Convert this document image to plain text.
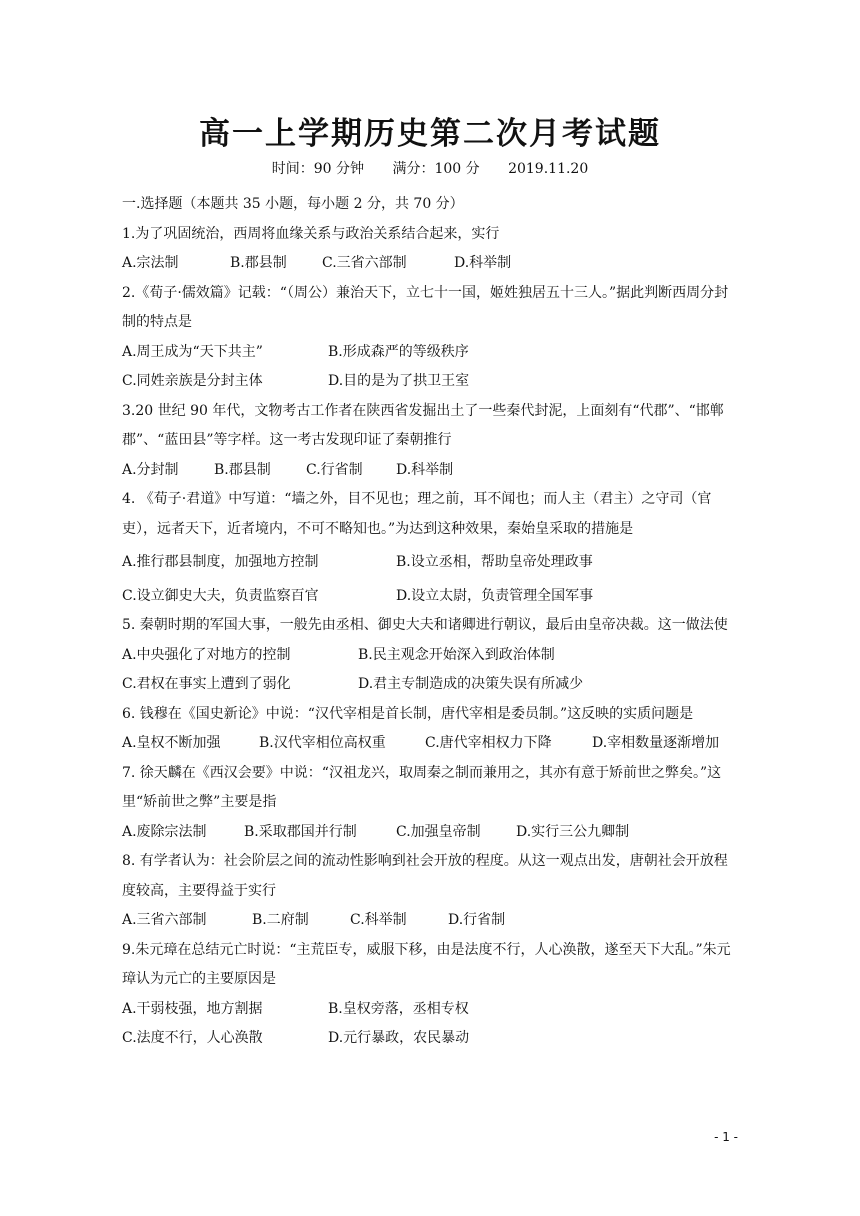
高一上学期历史第二次月考试题
时间：90 分钟 满分：100 分 2019.11.20
一.选择题（本题共 35 小题，每小题 2 分，共 70 分）
1.为了巩固统治，西周将血缘关系与政治关系结合起来，实行
A.宗法制	B.郡县制	C.三省六部制	D.科举制
2.《荀子·儒效篇》记载：“（周公）兼治天下，立七十一国，姬姓独居五十三人。”据此判断西周分封制的特点是
A.周王成为“天下共主”	B.形成森严的等级秩序
C.同姓亲族是分封主体	D.目的是为了拱卫王室
3.20 世纪 90 年代，文物考古工作者在陕西省发掘出土了一些秦代封泥，上面刻有“代郡”、“邯郸郡”、“蓝田县”等字样。这一考古发现印证了秦朝推行
A.分封制	B.郡县制	C.行省制	D.科举制
4. 《荀子·君道》中写道：“墙之外，目不见也；理之前，耳不闻也；而人主（君主）之守司（官吏），远者天下，近者境内，不可不略知也。”为达到这种效果，秦始皇采取的措施是
A.推行郡县制度，加强地方控制	B.设立丞相，帮助皇帝处理政事
C.设立御史大夫，负责监察百官	D.设立太尉，负责管理全国军事
5. 秦朝时期的军国大事，一般先由丞相、御史大夫和诸卿进行朝议，最后由皇帝决裁。这一做法使
A.中央强化了对地方的控制	B.民主观念开始深入到政治体制
C.君权在事实上遭到了弱化	D.君主专制造成的决策失误有所减少
6. 钱穆在《国史新论》中说：“汉代宰相是首长制，唐代宰相是委员制。”这反映的实质问题是
A.皇权不断加强	B.汉代宰相位高权重	C.唐代宰相权力下降	D.宰相数量逐渐增加
7. 徐天麟在《西汉会要》中说：“汉祖龙兴，取周秦之制而兼用之，其亦有意于矫前世之弊矣。”这里“矫前世之弊”主要是指
A.废除宗法制	B.采取郡国并行制	C.加强皇帝制	D.实行三公九卿制
8. 有学者认为：社会阶层之间的流动性影响到社会开放的程度。从这一观点出发，唐朝社会开放程度较高，主要得益于实行
A.三省六部制	B.二府制	C.科举制	D.行省制
9.朱元璋在总结元亡时说：“主荒臣专，威服下移，由是法度不行，人心涣散，遂至天下大乱。”朱元璋认为元亡的主要原因是
A.干弱枝强，地方割据	B.皇权旁落，丞相专权
C.法度不行，人心涣散	D.元行暴政，农民暴动
- 1 -
